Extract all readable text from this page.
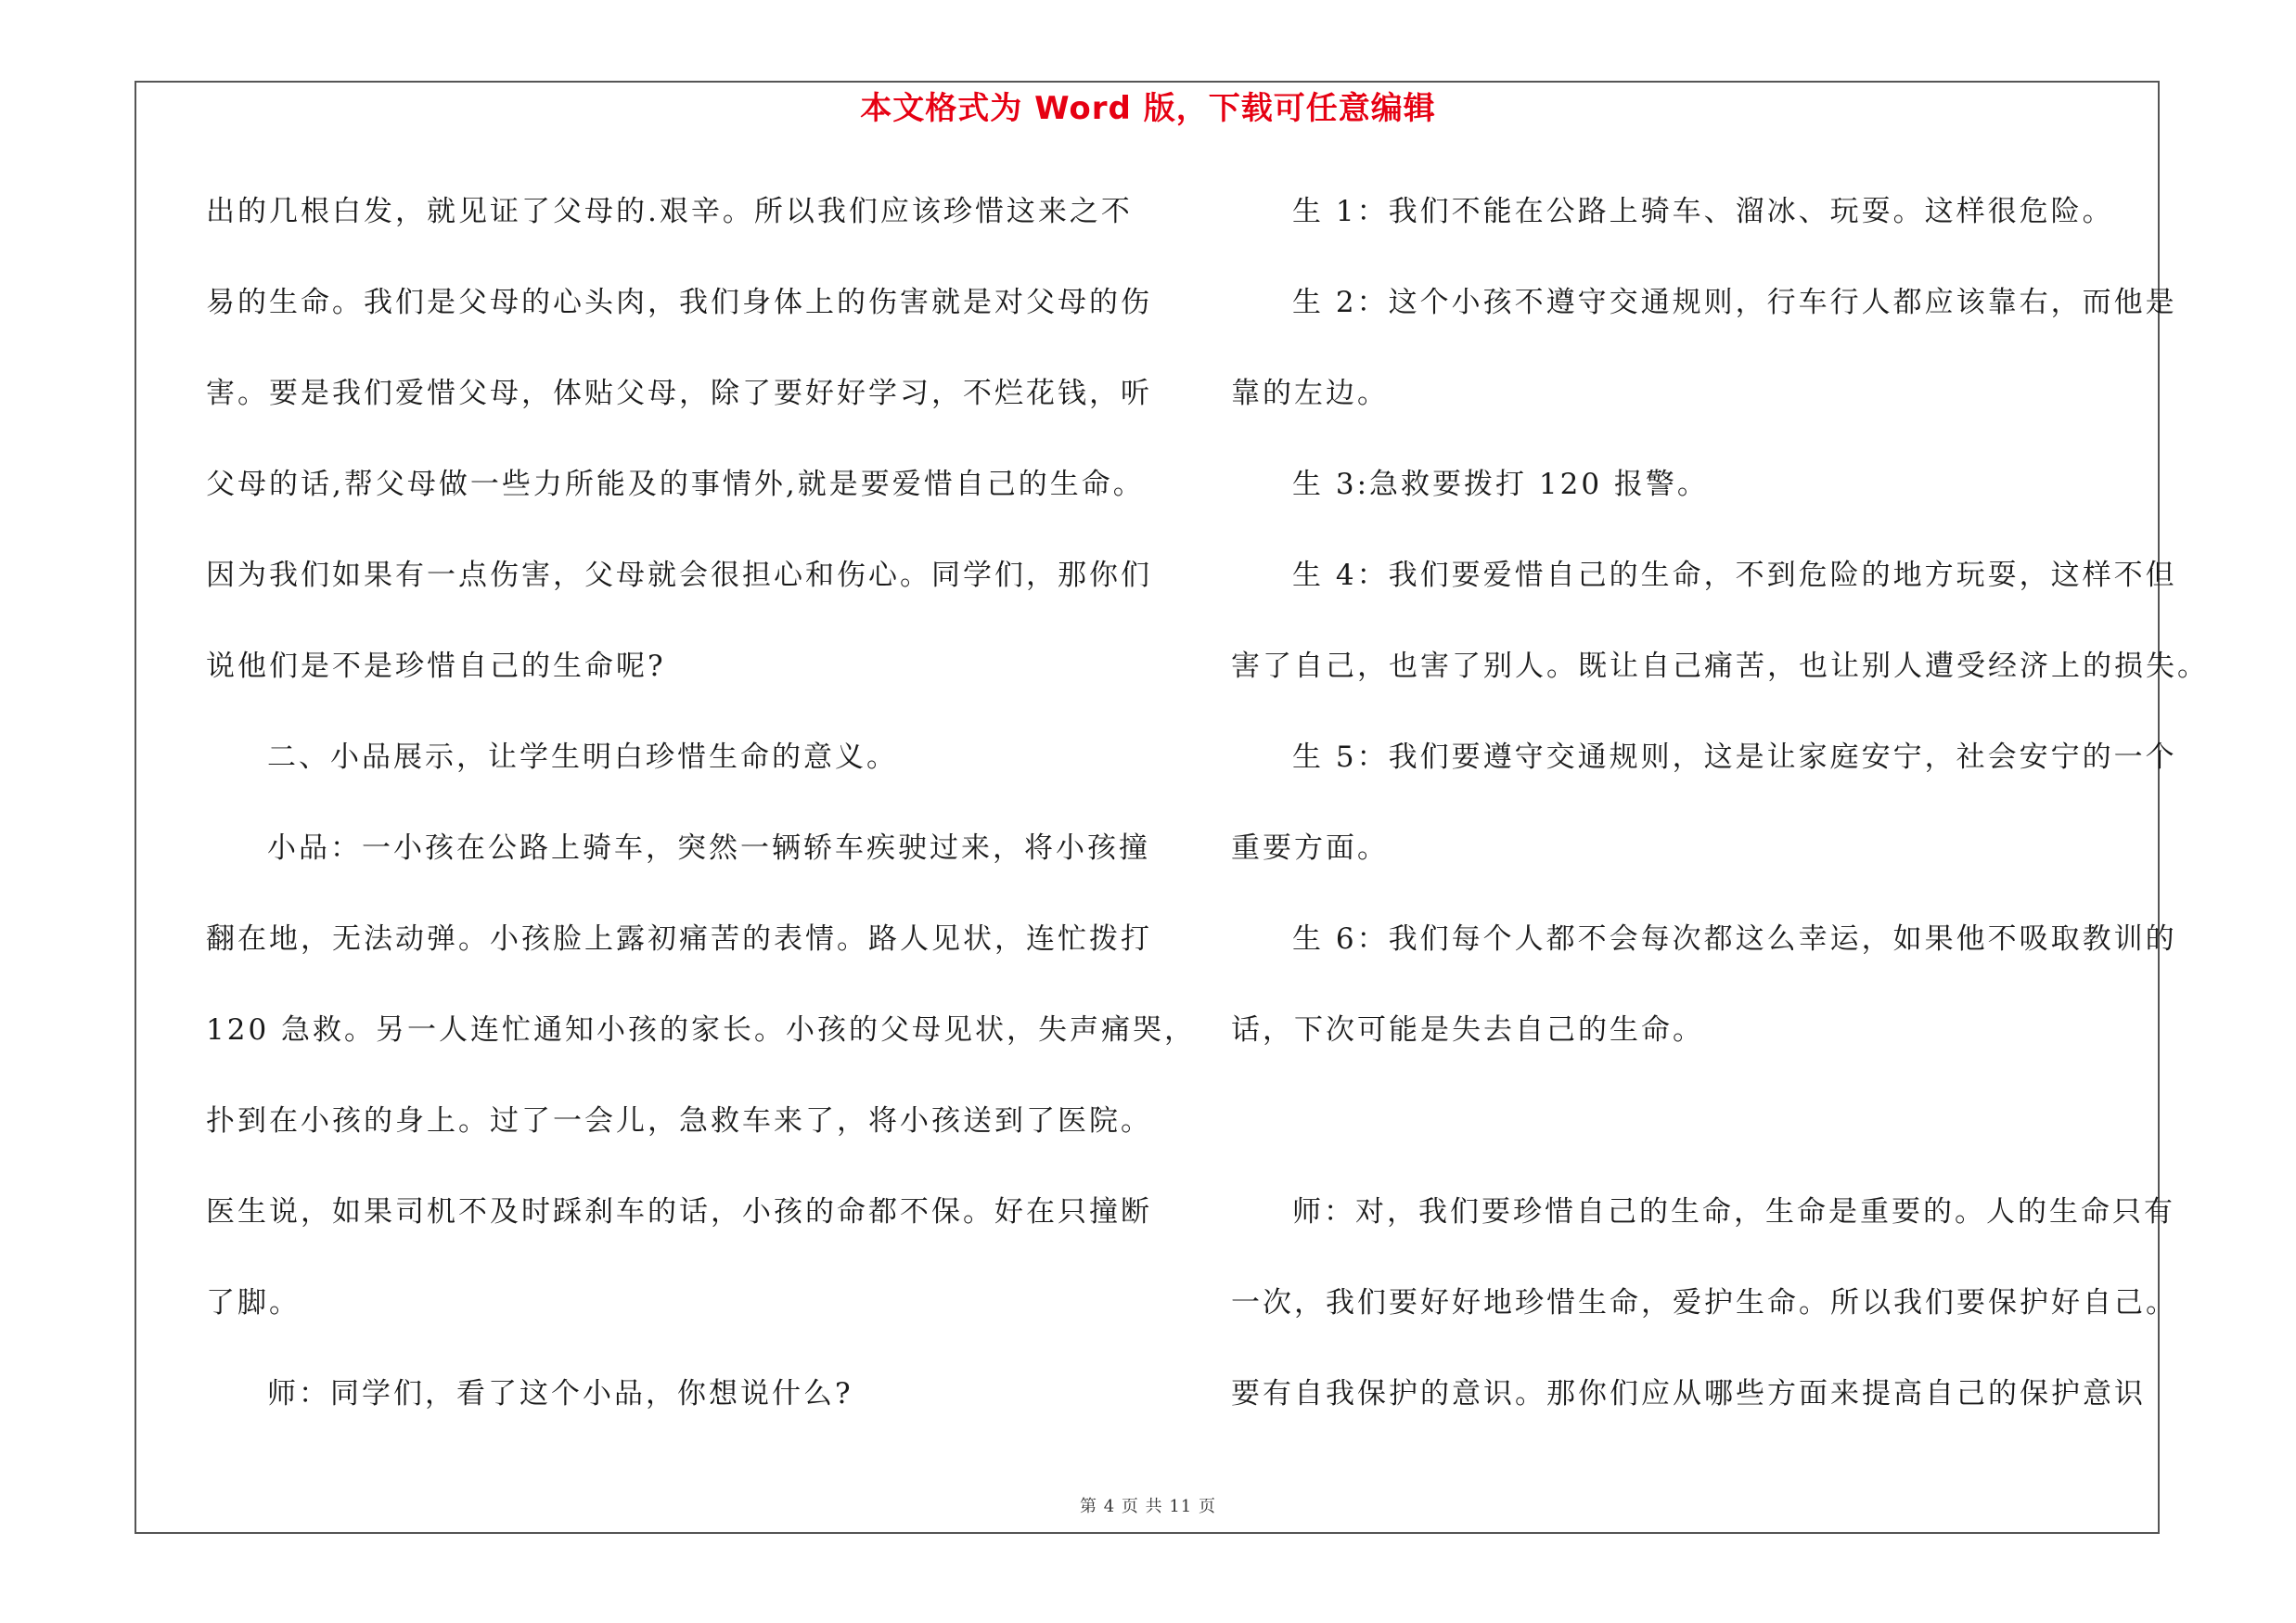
本文格式为 Word 版，下载可任意编辑
出的几根白发，就见证了父母的.艰辛。所以我们应该珍惜这来之不
易的生命。我们是父母的心头肉，我们身体上的伤害就是对父母的伤
害。要是我们爱惜父母，体贴父母，除了要好好学习，不烂花钱，听
父母的话,帮父母做一些力所能及的事情外,就是要爱惜自己的生命。
因为我们如果有一点伤害，父母就会很担心和伤心。同学们，那你们
说他们是不是珍惜自己的生命呢?
二、小品展示，让学生明白珍惜生命的意义。
小品：一小孩在公路上骑车，突然一辆轿车疾驶过来，将小孩撞
翻在地，无法动弹。小孩脸上露初痛苦的表情。路人见状，连忙拨打
120 急救。另一人连忙通知小孩的家长。小孩的父母见状，失声痛哭，
扑到在小孩的身上。过了一会儿，急救车来了，将小孩送到了医院。
医生说，如果司机不及时踩刹车的话，小孩的命都不保。好在只撞断
了脚。
师：同学们，看了这个小品，你想说什么?
生 1：我们不能在公路上骑车、溜冰、玩耍。这样很危险。
生 2：这个小孩不遵守交通规则，行车行人都应该靠右，而他是
靠的左边。
生 3:急救要拨打 120 报警。
生 4：我们要爱惜自己的生命，不到危险的地方玩耍，这样不但
害了自己，也害了别人。既让自己痛苦，也让别人遭受经济上的损失。
生 5：我们要遵守交通规则，这是让家庭安宁，社会安宁的一个
重要方面。
生 6：我们每个人都不会每次都这么幸运，如果他不吸取教训的
话，下次可能是失去自己的生命。
师：对，我们要珍惜自己的生命，生命是重要的。人的生命只有
一次，我们要好好地珍惜生命，爱护生命。所以我们要保护好自己。
要有自我保护的意识。那你们应从哪些方面来提高自己的保护意识
第 4 页 共 11 页
